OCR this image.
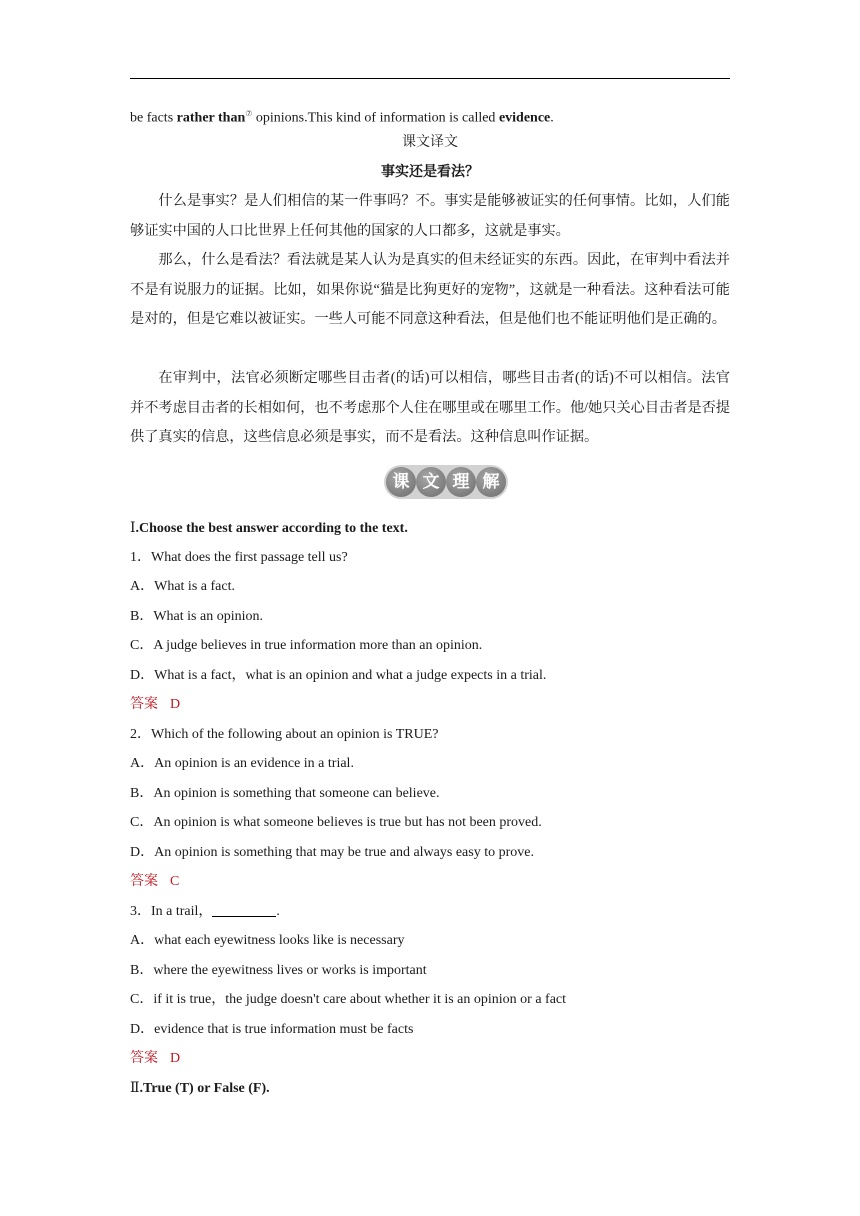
be facts rather than⑦ opinions.This kind of information is called evidence.
课文译文
事实还是看法？
什么是事实？是人们相信的某一件事吗？不。事实是能够被证实的任何事情。比如，人们能够证实中国的人口比世界上任何其他的国家的人口都多，这就是事实。
那么，什么是看法？看法就是某人认为是真实的但未经证实的东西。因此，在审判中看法并不是有说服力的证据。比如，如果你说“猫是比狗更好的宠物”，这就是一种看法。这种看法可能是对的，但是它难以被证实。一些人可能不同意这种看法，但是他们也不能证明他们是正确的。
在审判中，法官必须断定哪些目击者(的话)可以相信，哪些目击者(的话)不可以相信。法官并不考虑目击者的长相如何，也不考虑那个人住在哪里或在哪里工作。他/她只关心目击者是否提供了真实的信息，这些信息必须是事实，而不是看法。这种信息叫作证据。
课 文 理 解
Ⅰ.Choose the best answer according to the text.
1．What does the first passage tell us?
A．What is a fact.
B．What is an opinion.
C．A judge believes in true information more than an opinion.
D．What is a fact，what is an opinion and what a judge expects in a trial.
答案 D
2．Which of the following about an opinion is TRUE?
A．An opinion is an evidence in a trial.
B．An opinion is something that someone can believe.
C．An opinion is what someone believes is true but has not been proved.
D．An opinion is something that may be true and always easy to prove.
答案 C
3．In a trail，	.
A．what each eyewitness looks like is necessary
B．where the eyewitness lives or works is important
C．if it is true，the judge doesn't care about whether it is an opinion or a fact
D．evidence that is true information must be facts
答案 D
Ⅱ.True (T) or False (F).
